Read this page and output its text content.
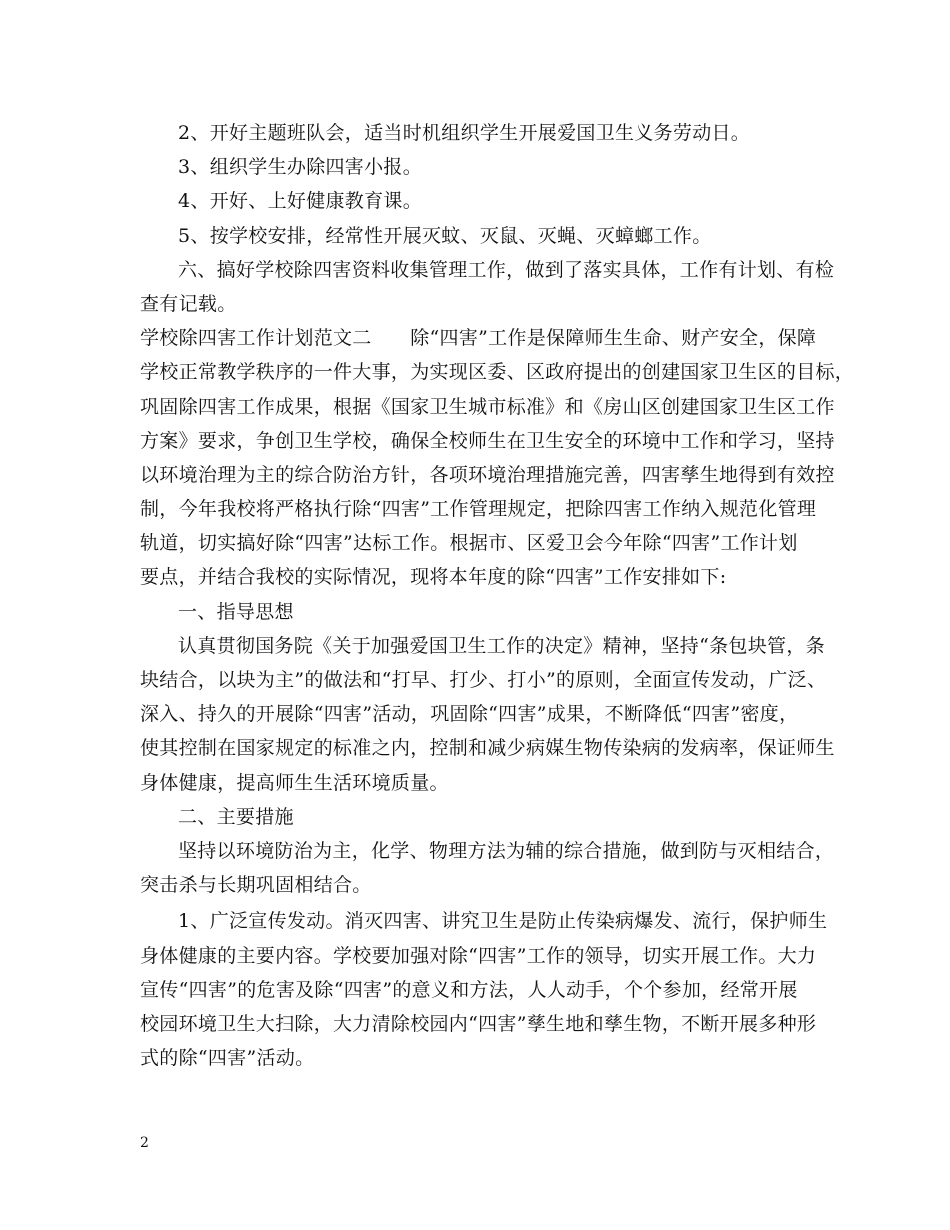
2、开好主题班队会，适当时机组织学生开展爱国卫生义务劳动日。
3、组织学生办除四害小报。
4、开好、上好健康教育课。
5、按学校安排，经常性开展灭蚊、灭鼠、灭蝇、灭蟑螂工作。
六、搞好学校除四害资料收集管理工作，做到了落实具体，工作有计划、有检
查有记载。
学校除四害工作计划范文二　　除“四害”工作是保障师生生命、财产安全，保障
学校正常教学秩序的一件大事，为实现区委、区政府提出的创建国家卫生区的目标，
巩固除四害工作成果，根据《国家卫生城市标准》和《房山区创建国家卫生区工作
方案》要求，争创卫生学校，确保全校师生在卫生安全的环境中工作和学习，坚持
以环境治理为主的综合防治方针，各项环境治理措施完善，四害孳生地得到有效控
制，今年我校将严格执行除“四害”工作管理规定，把除四害工作纳入规范化管理
轨道，切实搞好除“四害”达标工作。根据市、区爱卫会今年除“四害”工作计划
要点，并结合我校的实际情况，现将本年度的除“四害”工作安排如下:
一、指导思想
认真贯彻国务院《关于加强爱国卫生工作的决定》精神，坚持“条包块管，条
块结合，以块为主”的做法和“打早、打少、打小”的原则，全面宣传发动，广泛、
深入、持久的开展除“四害”活动，巩固除“四害”成果，不断降低“四害”密度，
使其控制在国家规定的标准之内，控制和减少病媒生物传染病的发病率，保证师生
身体健康，提高师生生活环境质量。
二、主要措施
坚持以环境防治为主，化学、物理方法为辅的综合措施，做到防与灭相结合，
突击杀与长期巩固相结合。
1、广泛宣传发动。消灭四害、讲究卫生是防止传染病爆发、流行，保护师生
身体健康的主要内容。学校要加强对除“四害”工作的领导，切实开展工作。大力
宣传“四害”的危害及除“四害”的意义和方法，人人动手，个个参加，经常开展
校园环境卫生大扫除，大力清除校园内“四害”孳生地和孳生物，不断开展多种形
式的除“四害”活动。
2
